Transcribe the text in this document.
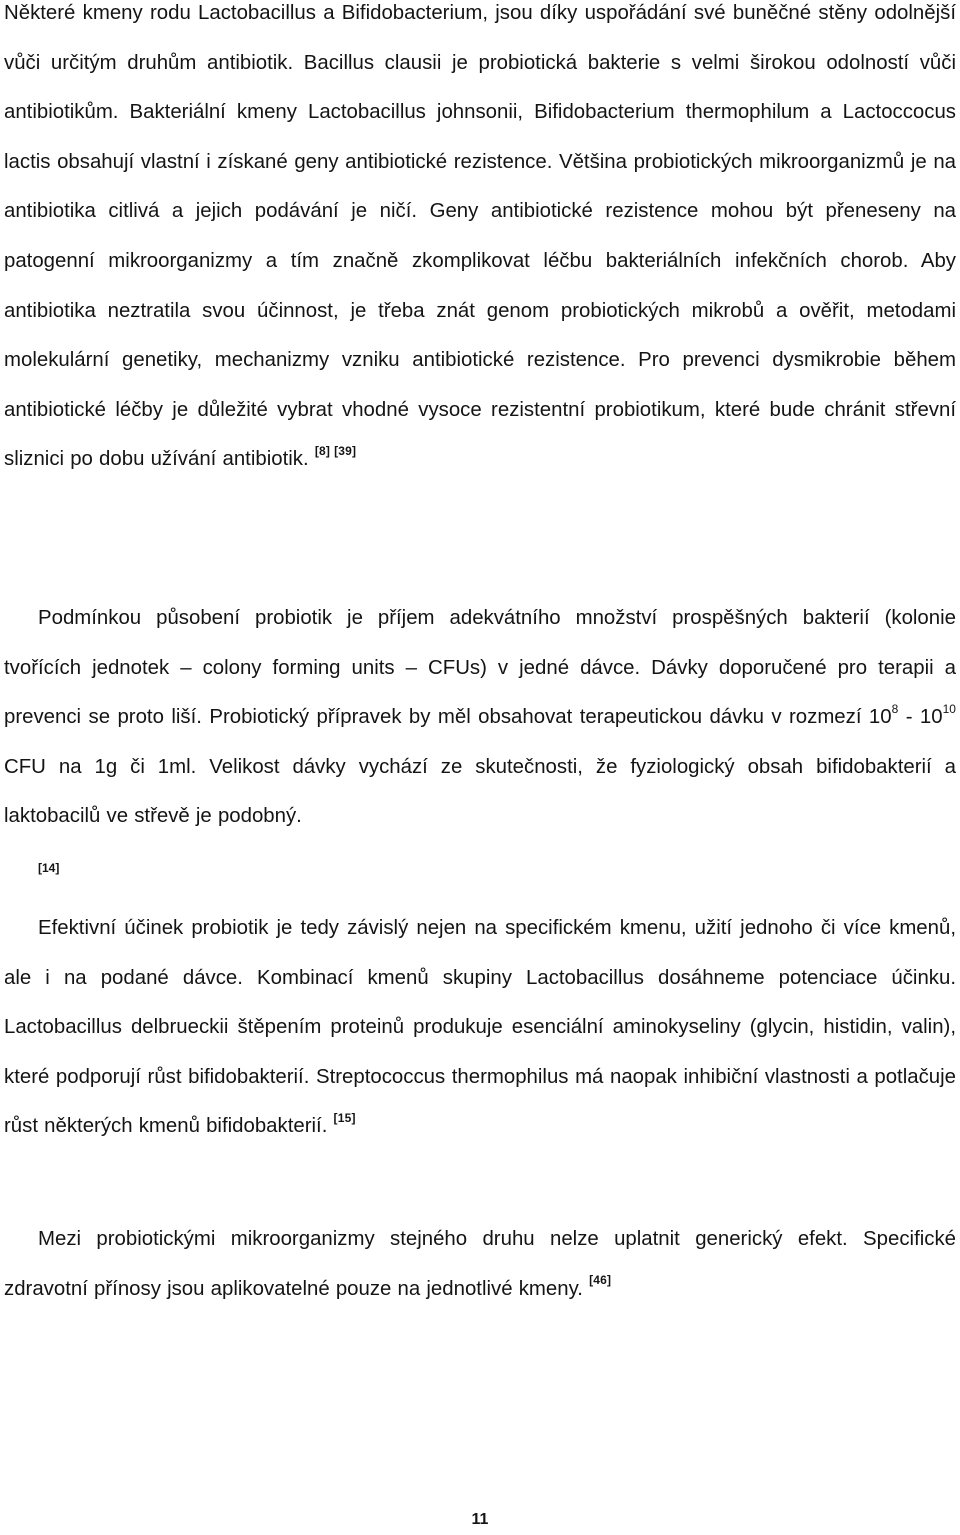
Některé kmeny rodu Lactobacillus a Bifidobacterium, jsou díky uspořádání své buněčné stěny odolnější vůči určitým druhům antibiotik. Bacillus clausii je probiotická bakterie s velmi širokou odolností vůči antibiotikům. Bakteriální kmeny Lactobacillus johnsonii, Bifidobacterium thermophilum a Lactoccocus lactis obsahují vlastní i získané geny antibiotické rezistence. Většina probiotických mikroorganizmů je na antibiotika citlivá a jejich podávání je ničí. Geny antibiotické rezistence mohou být přeneseny na patogenní mikroorganizmy a tím značně zkomplikovat léčbu bakteriálních infekčních chorob. Aby antibiotika neztratila svou účinnost, je třeba znát genom probiotických mikrobů a ověřit, metodami molekulární genetiky, mechanizmy vzniku antibiotické rezistence. Pro prevenci dysmikrobie během antibiotické léčby je důležité vybrat vhodné vysoce rezistentní probiotikum, které bude chránit střevní sliznici po dobu užívání antibiotik. [8] [39]

Podmínkou působení probiotik je příjem adekvátního množství prospěšných bakterií (kolonie tvořících jednotek – colony forming units – CFUs) v jedné dávce. Dávky doporučené pro terapii a prevenci se proto liší. Probiotický přípravek by měl obsahovat terapeutickou dávku v rozmezí $10^8 - 10^{10}$ CFU na 1g či 1ml. Velikost dávky vychází ze skutečnosti, že fyziologický obsah bifidobakterií a laktobacilů ve střevě je podobný.
[14]

Efektivní účinek probiotik je tedy závislý nejen na specifickém kmenu, užití jednoho či více kmenů, ale i na podané dávce. Kombinací kmenů skupiny Lactobacillus dosáhneme potenciace účinku. Lactobacillus delbrueckii štěpením proteinů produkuje esenciální aminokyseliny (glycin, histidin, valin), které podporují růst bifidobakterií. Streptococcus thermophilus má naopak inhibiční vlastnosti a potlačuje růst některých kmenů bifidobakterií. [15]

Mezi probiotickými mikroorganizmy stejného druhu nelze uplatnit generický efekt. Specifické zdravotní přínosy jsou aplikovatelné pouze na jednotlivé kmeny. [46]

11
